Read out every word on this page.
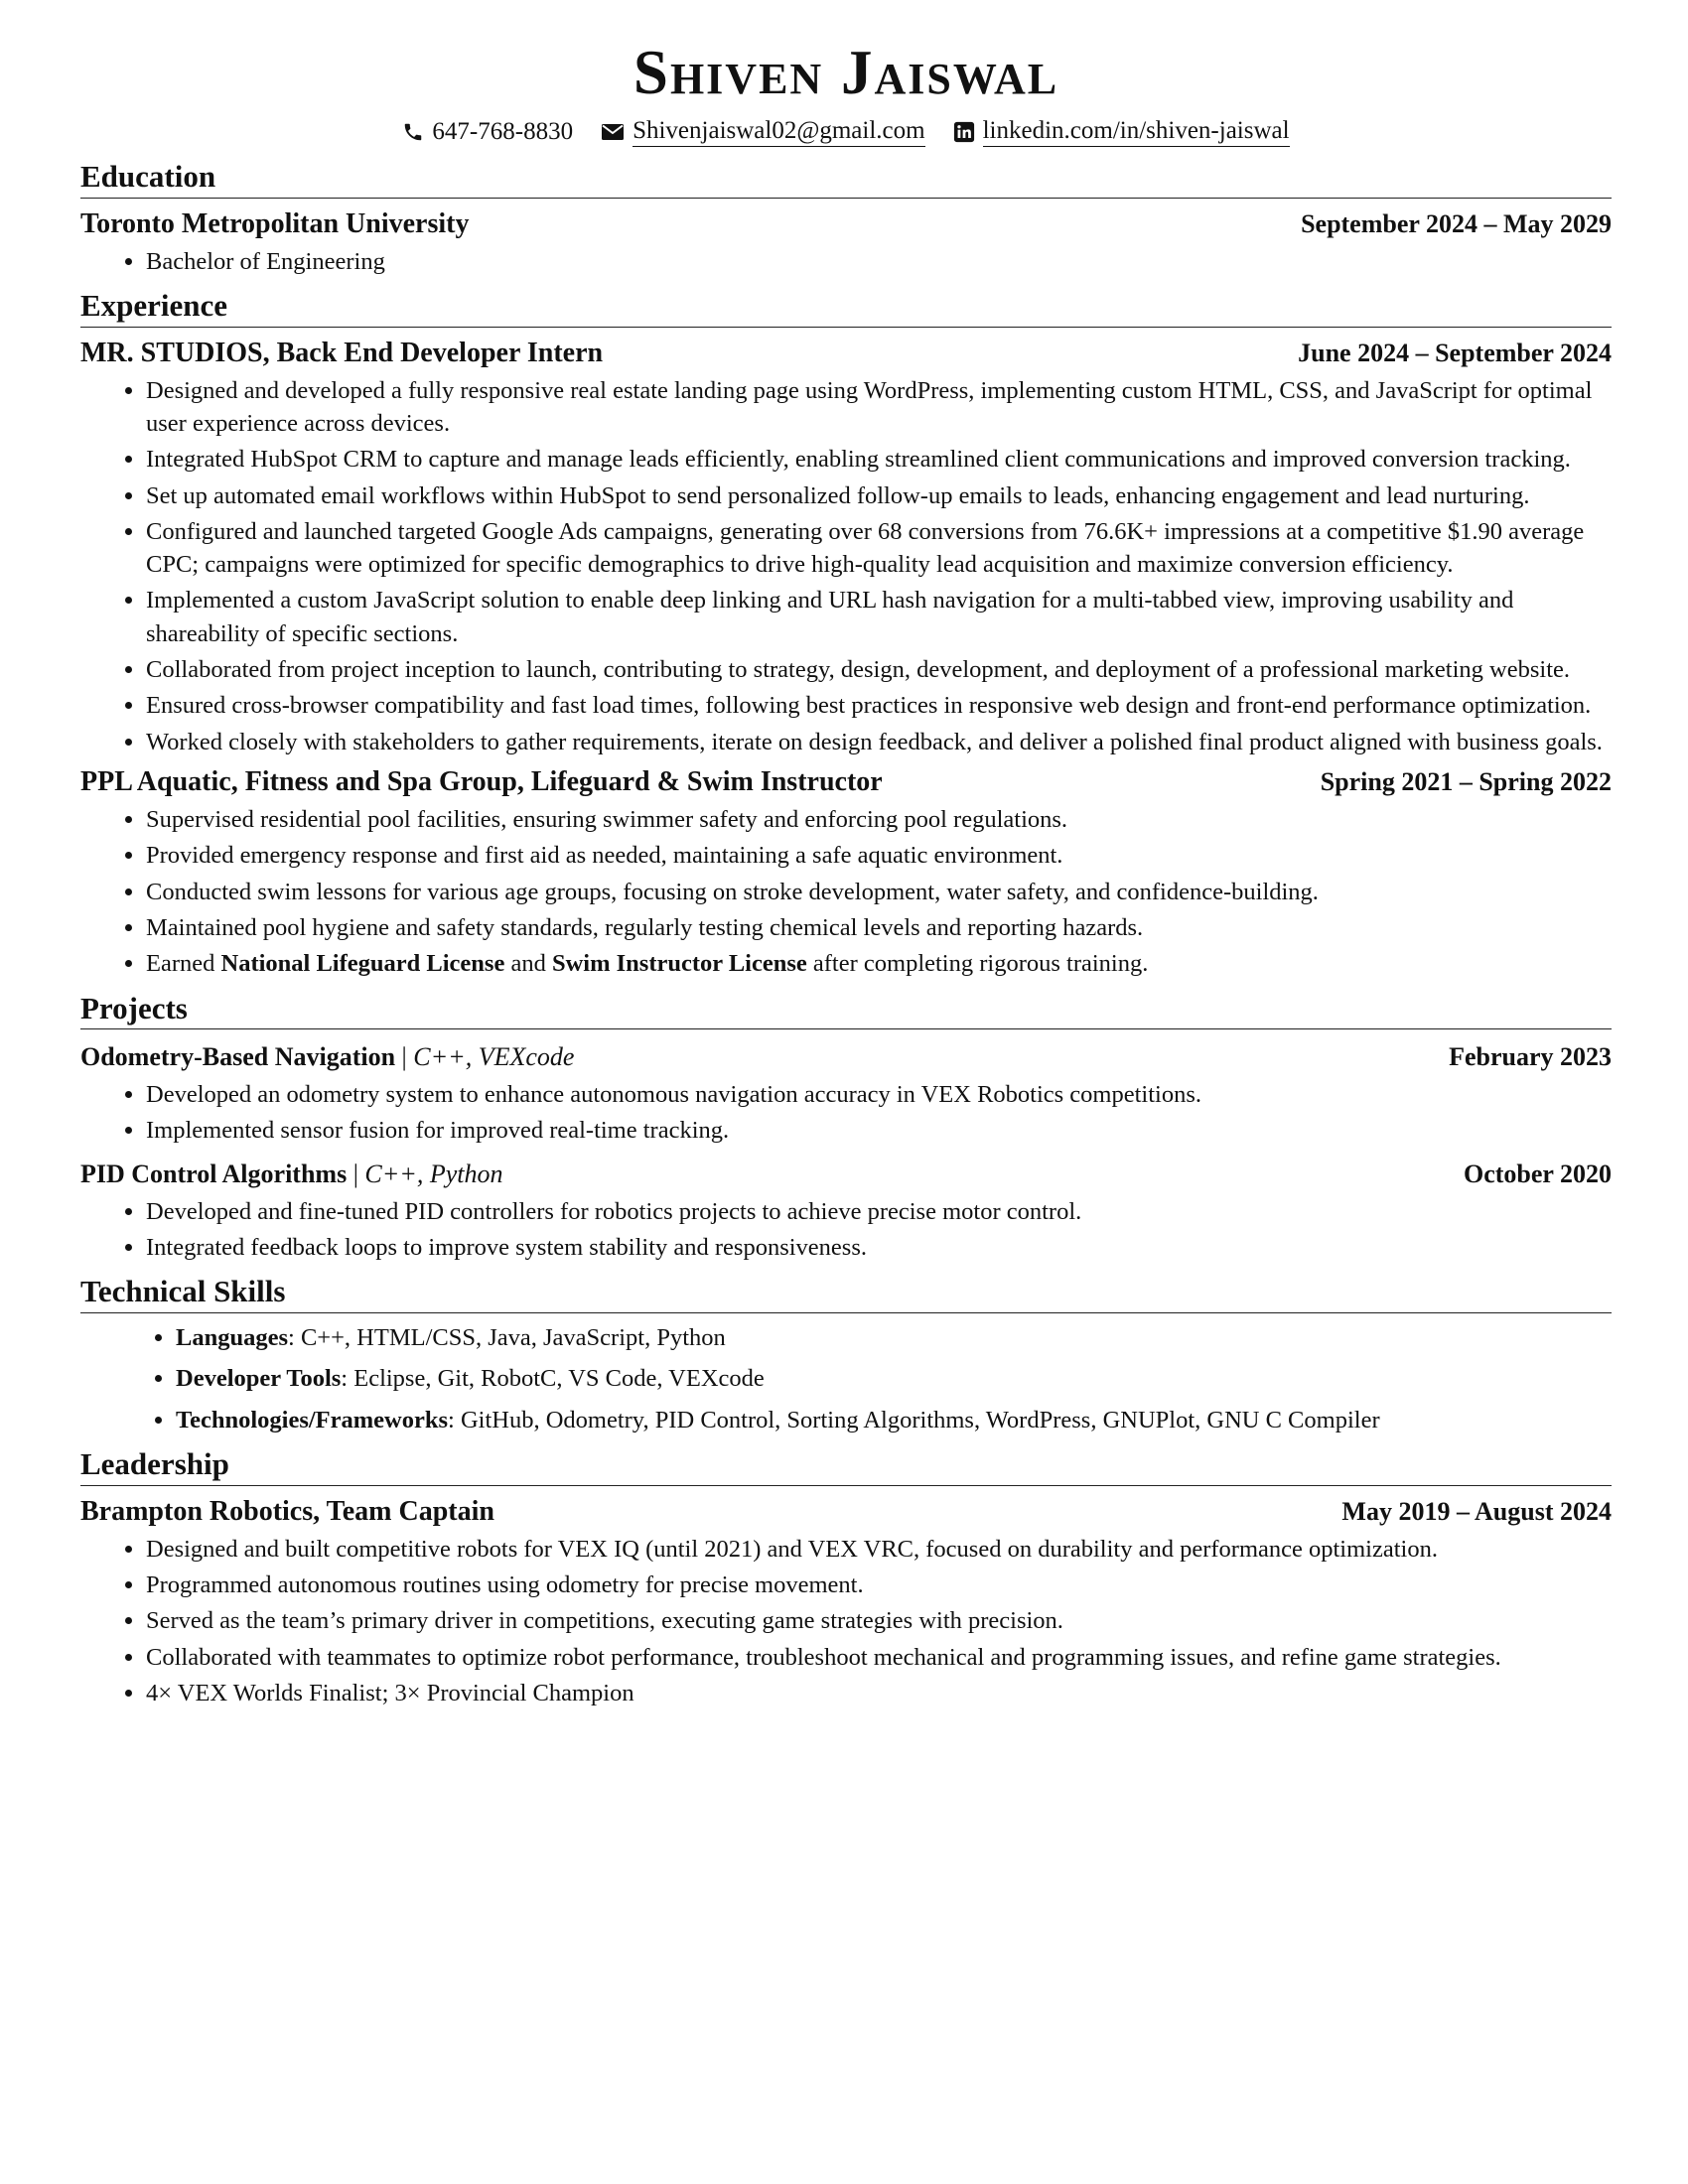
Shiven Jaiswal
647-768-8830 Shivenjaiswal02@gmail.com linkedin.com/in/shiven-jaiswal
Education
Toronto Metropolitan University	September 2024 – May 2029
• Bachelor of Engineering
Experience
MR. STUDIOS, Back End Developer Intern	June 2024 – September 2024
• Designed and developed a fully responsive real estate landing page using WordPress, implementing custom HTML, CSS, and JavaScript for optimal user experience across devices.
• Integrated HubSpot CRM to capture and manage leads efficiently, enabling streamlined client communications and improved conversion tracking.
• Set up automated email workflows within HubSpot to send personalized follow-up emails to leads, enhancing engagement and lead nurturing.
• Configured and launched targeted Google Ads campaigns, generating over 68 conversions from 76.6K+ impressions at a competitive $1.90 average CPC; campaigns were optimized for specific demographics to drive high-quality lead acquisition and maximize conversion efficiency.
• Implemented a custom JavaScript solution to enable deep linking and URL hash navigation for a multi-tabbed view, improving usability and shareability of specific sections.
• Collaborated from project inception to launch, contributing to strategy, design, development, and deployment of a professional marketing website.
• Ensured cross-browser compatibility and fast load times, following best practices in responsive web design and front-end performance optimization.
• Worked closely with stakeholders to gather requirements, iterate on design feedback, and deliver a polished final product aligned with business goals.
PPL Aquatic, Fitness and Spa Group, Lifeguard & Swim Instructor	Spring 2021 – Spring 2022
• Supervised residential pool facilities, ensuring swimmer safety and enforcing pool regulations.
• Provided emergency response and first aid as needed, maintaining a safe aquatic environment.
• Conducted swim lessons for various age groups, focusing on stroke development, water safety, and confidence-building.
• Maintained pool hygiene and safety standards, regularly testing chemical levels and reporting hazards.
• Earned National Lifeguard License and Swim Instructor License after completing rigorous training.
Projects
Odometry-Based Navigation | C++, VEXcode	February 2023
• Developed an odometry system to enhance autonomous navigation accuracy in VEX Robotics competitions.
• Implemented sensor fusion for improved real-time tracking.
PID Control Algorithms | C++, Python	October 2020
• Developed and fine-tuned PID controllers for robotics projects to achieve precise motor control.
• Integrated feedback loops to improve system stability and responsiveness.
Technical Skills
• Languages: C++, HTML/CSS, Java, JavaScript, Python
• Developer Tools: Eclipse, Git, RobotC, VS Code, VEXcode
• Technologies/Frameworks: GitHub, Odometry, PID Control, Sorting Algorithms, WordPress, GNUPlot, GNU C Compiler
Leadership
Brampton Robotics, Team Captain	May 2019 – August 2024
• Designed and built competitive robots for VEX IQ (until 2021) and VEX VRC, focused on durability and performance optimization.
• Programmed autonomous routines using odometry for precise movement.
• Served as the team’s primary driver in competitions, executing game strategies with precision.
• Collaborated with teammates to optimize robot performance, troubleshoot mechanical and programming issues, and refine game strategies.
• 4× VEX Worlds Finalist; 3× Provincial Champion
